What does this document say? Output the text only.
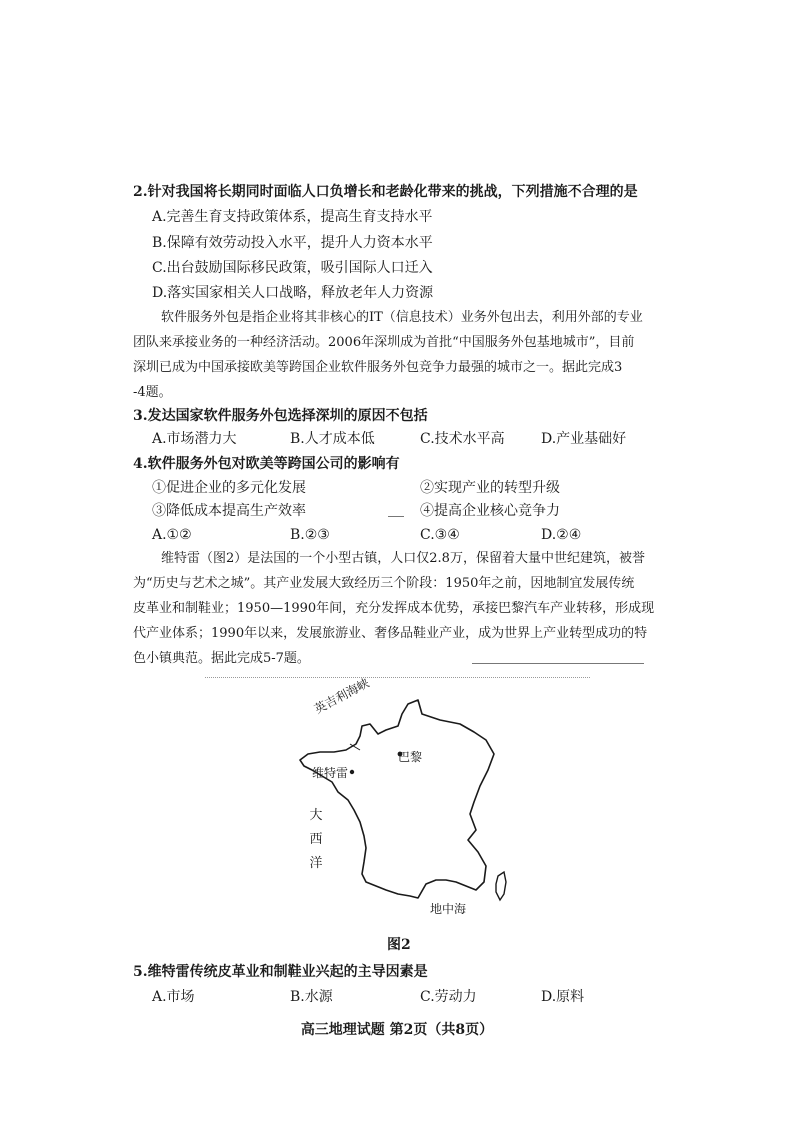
2.针对我国将长期同时面临人口负增长和老龄化带来的挑战，下列措施不合理的是
A.完善生育支持政策体系，提高生育支持水平
B.保障有效劳动投入水平，提升人力资本水平
C.出台鼓励国际移民政策，吸引国际人口迁入
D.落实国家相关人口战略，释放老年人力资源
软件服务外包是指企业将其非核心的IT（信息技术）业务外包出去，利用外部的专业
团队来承接业务的一种经济活动。2006年深圳成为首批“中国服务外包基地城市”，目前
深圳已成为中国承接欧美等跨国企业软件服务外包竞争力最强的城市之一。据此完成3
-4题。
3.发达国家软件服务外包选择深圳的原因不包括
A.市场潜力大	B.人才成本低	C.技术水平高	D.产业基础好
4.软件服务外包对欧美等跨国公司的影响有
①促进企业的多元化发展	②实现产业的转型升级
③降低成本提高生产效率	④提高企业核心竞争力
A.①②	B.②③	C.③④	D.②④
维特雷（图2）是法国的一个小型古镇，人口仅2.8万，保留着大量中世纪建筑，被誉
为“历史与艺术之城”。其产业发展大致经历三个阶段：1950年之前，因地制宜发展传统
皮革业和制鞋业；1950—1990年间，充分发挥成本优势，承接巴黎汽车产业转移，形成现
代产业体系；1990年以来，发展旅游业、奢侈品鞋业产业，成为世界上产业转型成功的特
色小镇典范。据此完成5-7题。
英吉利海峡
巴黎
维特雷
大西洋
地中海
图2
5.维特雷传统皮革业和制鞋业兴起的主导因素是
A.市场	B.水源	C.劳动力	D.原料
高三地理试题 第2页（共8页）
